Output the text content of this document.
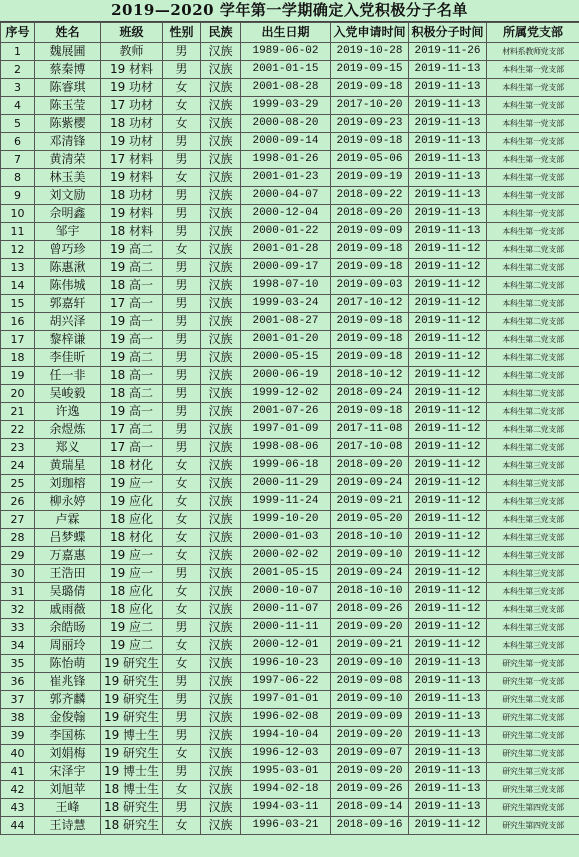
2019—2020 学年第一学期确定入党积极分子名单
序号	姓名	班级	性别	民族	出生日期	入党申请时间	积极分子时间	所属党支部
1	魏展圃	教师	男	汉族	1989-06-02	2019-10-28	2019-11-26	材料系教师党支部
2	蔡秦博	19 材料	男	汉族	2001-01-15	2019-09-15	2019-11-13	本科生第一党支部
3	陈睿琪	19 功材	女	汉族	2001-08-28	2019-09-18	2019-11-13	本科生第一党支部
4	陈玉莹	17 功材	女	汉族	1999-03-29	2017-10-20	2019-11-13	本科生第一党支部
5	陈紫樱	18 功材	女	汉族	2000-08-20	2019-09-23	2019-11-13	本科生第一党支部
6	邓清锋	19 功材	男	汉族	2000-09-14	2019-09-18	2019-11-13	本科生第一党支部
7	黄清荣	17 材料	男	汉族	1998-01-26	2019-05-06	2019-11-13	本科生第一党支部
8	林玉美	19 材料	女	汉族	2001-01-23	2019-09-19	2019-11-13	本科生第一党支部
9	刘文励	18 功材	男	汉族	2000-04-07	2018-09-22	2019-11-13	本科生第一党支部
10	佘明鑫	19 材料	男	汉族	2000-12-04	2018-09-20	2019-11-13	本科生第一党支部
11	邹宇	18 材料	男	汉族	2000-01-22	2019-09-09	2019-11-13	本科生第一党支部
12	曾巧珍	19 高二	女	汉族	2001-01-28	2019-09-18	2019-11-12	本科生第二党支部
13	陈惠湫	19 高二	男	汉族	2000-09-17	2019-09-18	2019-11-12	本科生第二党支部
14	陈伟城	18 高一	男	汉族	1998-07-10	2019-09-03	2019-11-12	本科生第二党支部
15	郭嘉轩	17 高一	男	汉族	1999-03-24	2017-10-12	2019-11-12	本科生第二党支部
16	胡兴泽	19 高一	男	汉族	2001-08-27	2019-09-18	2019-11-12	本科生第二党支部
17	黎梓谦	19 高一	男	汉族	2001-01-20	2019-09-18	2019-11-12	本科生第二党支部
18	李佳昕	19 高二	男	汉族	2000-05-15	2019-09-18	2019-11-12	本科生第二党支部
19	任一非	18 高一	男	汉族	2000-06-19	2018-10-12	2019-11-12	本科生第二党支部
20	吴峻毅	18 高二	男	汉族	1999-12-02	2018-09-24	2019-11-12	本科生第二党支部
21	许逸	19 高一	男	汉族	2001-07-26	2019-09-18	2019-11-12	本科生第二党支部
22	余煜炼	17 高二	男	汉族	1997-01-09	2017-11-08	2019-11-12	本科生第二党支部
23	郑义	17 高一	男	汉族	1998-08-06	2017-10-08	2019-11-12	本科生第二党支部
24	黄瑞星	18 材化	女	汉族	1999-06-18	2018-09-20	2019-11-12	本科生第三党支部
25	刘珈榕	19 应一	女	汉族	2000-11-29	2019-09-24	2019-11-12	本科生第三党支部
26	柳永婷	19 应化	女	汉族	1999-11-24	2019-09-21	2019-11-12	本科生第三党支部
27	卢霖	18 应化	女	汉族	1999-10-20	2019-05-20	2019-11-12	本科生第三党支部
28	吕梦蝶	18 材化	女	汉族	2000-01-03	2018-10-10	2019-11-12	本科生第三党支部
29	万嘉惠	19 应一	女	汉族	2000-02-02	2019-09-10	2019-11-12	本科生第三党支部
30	王浩田	19 应一	男	汉族	2001-05-15	2019-09-24	2019-11-12	本科生第三党支部
31	吴璐倩	18 应化	女	汉族	2000-10-07	2018-10-10	2019-11-12	本科生第三党支部
32	戚雨薇	18 应化	女	汉族	2000-11-07	2018-09-26	2019-11-12	本科生第三党支部
33	余皓旸	19 应二	男	汉族	2000-11-11	2019-09-20	2019-11-12	本科生第三党支部
34	周丽玲	19 应二	女	汉族	2000-12-01	2019-09-21	2019-11-12	本科生第三党支部
35	陈怡萌	19 研究生	女	汉族	1996-10-23	2019-09-10	2019-11-13	研究生第一党支部
36	崔兆锋	19 研究生	男	汉族	1997-06-22	2019-09-08	2019-11-13	研究生第一党支部
37	郭齐麟	19 研究生	男	汉族	1997-01-01	2019-09-10	2019-11-13	研究生第二党支部
38	金俊翰	19 研究生	男	汉族	1996-02-08	2019-09-09	2019-11-13	研究生第二党支部
39	李国栋	19 博士生	男	汉族	1994-10-04	2019-09-20	2019-11-13	研究生第二党支部
40	刘娟梅	19 研究生	女	汉族	1996-12-03	2019-09-07	2019-11-13	研究生第二党支部
41	宋泽宇	19 博士生	男	汉族	1995-03-01	2019-09-20	2019-11-13	研究生第三党支部
42	刘旭苹	18 博士生	女	汉族	1994-02-18	2019-09-26	2019-11-13	研究生第三党支部
43	王峰	18 研究生	男	汉族	1994-03-11	2018-09-14	2019-11-13	研究生第四党支部
44	王诗慧	18 研究生	女	汉族	1996-03-21	2018-09-16	2019-11-12	研究生第四党支部
